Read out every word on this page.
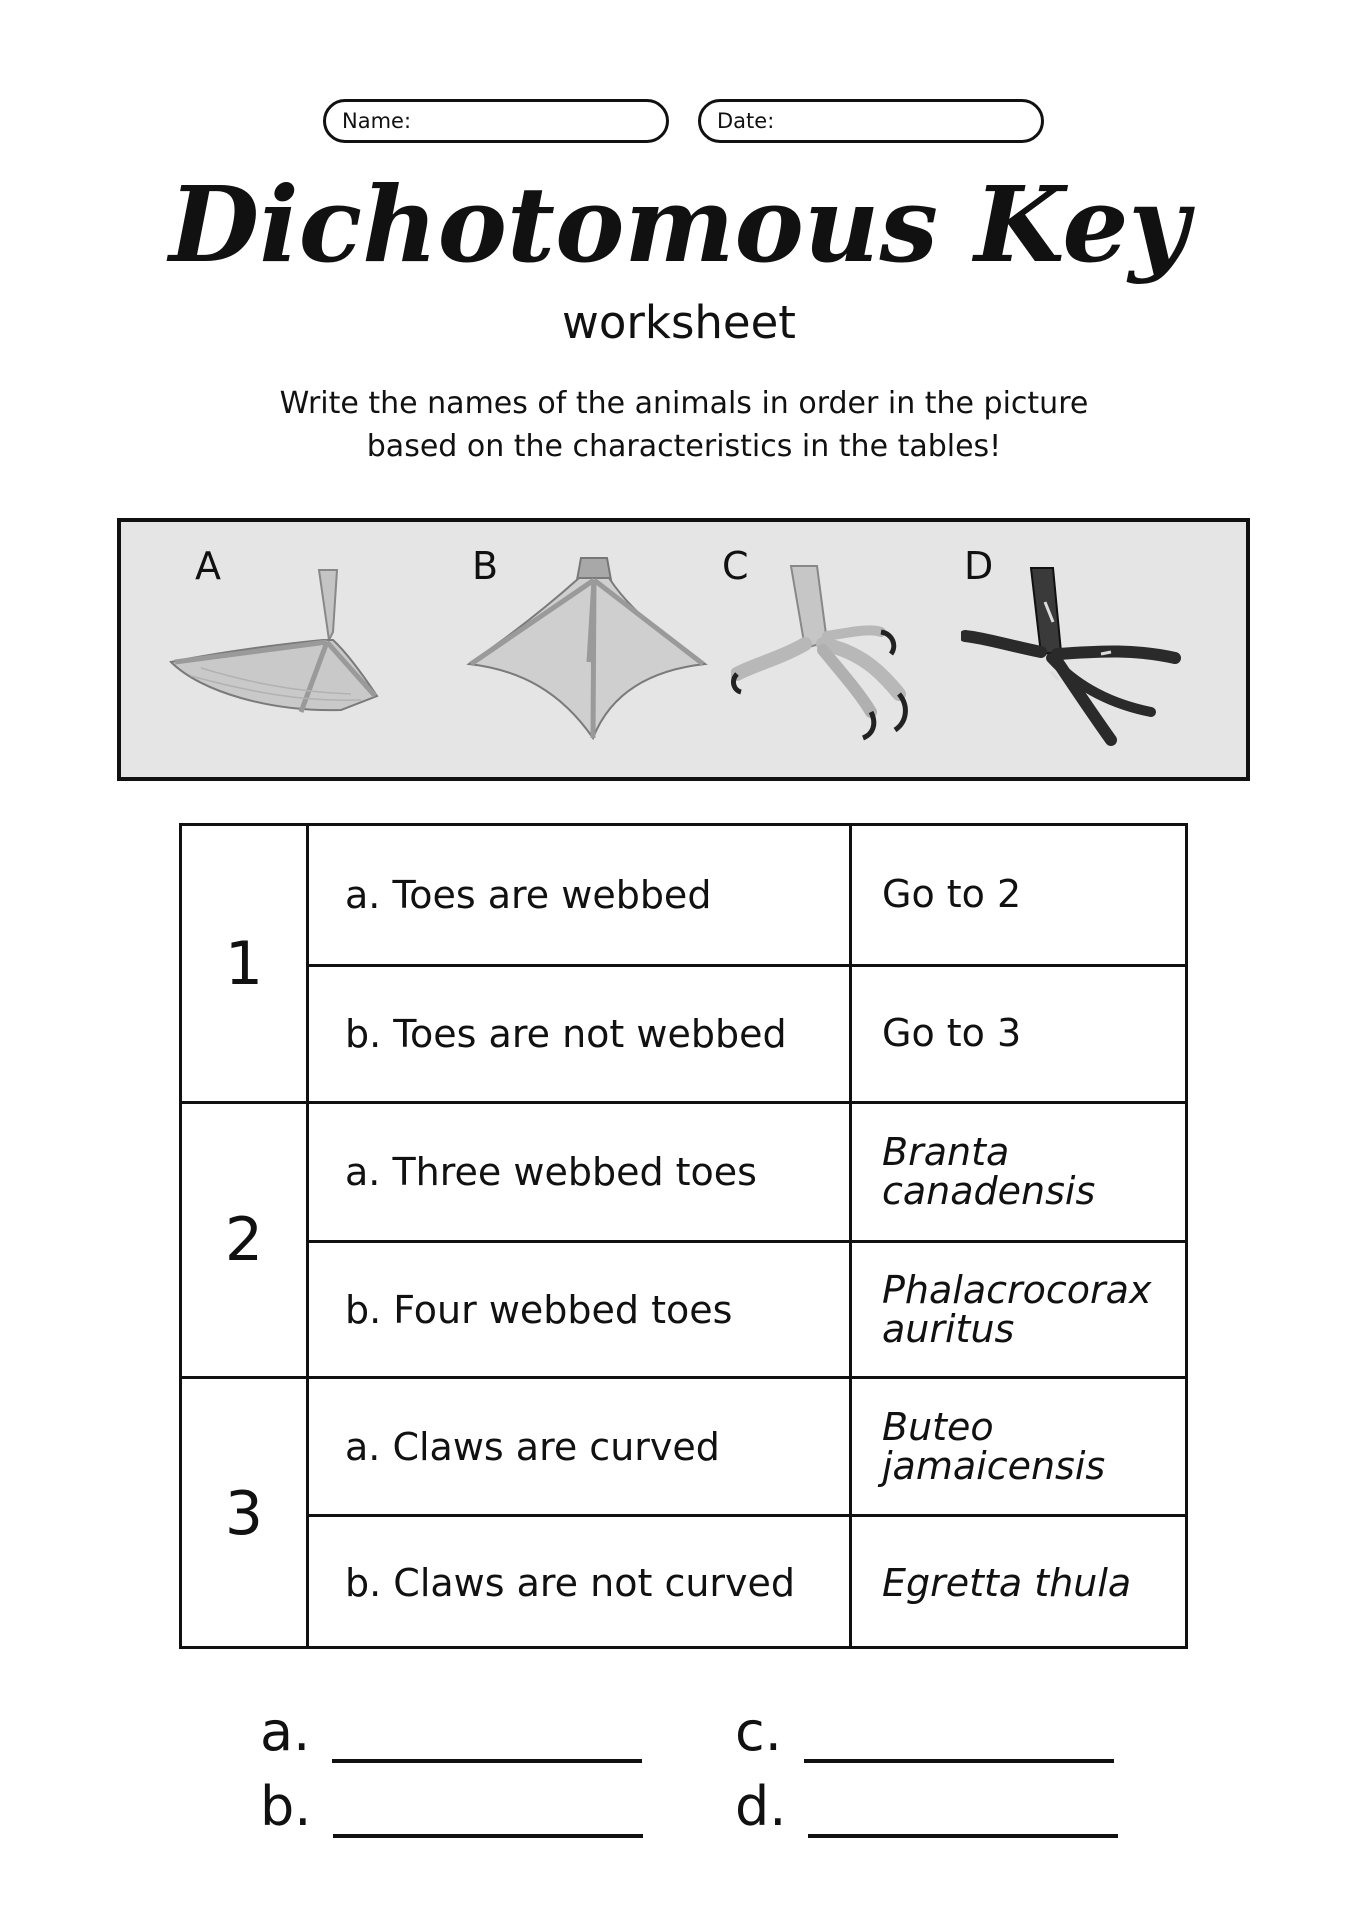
Name:	Date:
Dichotomous Key
worksheet
Write the names of the animals in order in the picture
based on the characteristics in the tables!
A	B	C	D
1
a. Toes are webbed	Go to 2
b. Toes are not webbed	Go to 3
2
a. Three webbed toes	Branta canadensis
b. Four webbed toes	Phalacrocorax auritus
3
a. Claws are curved	Buteo jamaicensis
b. Claws are not curved	Egretta thula
a.	c.
b.	d.
